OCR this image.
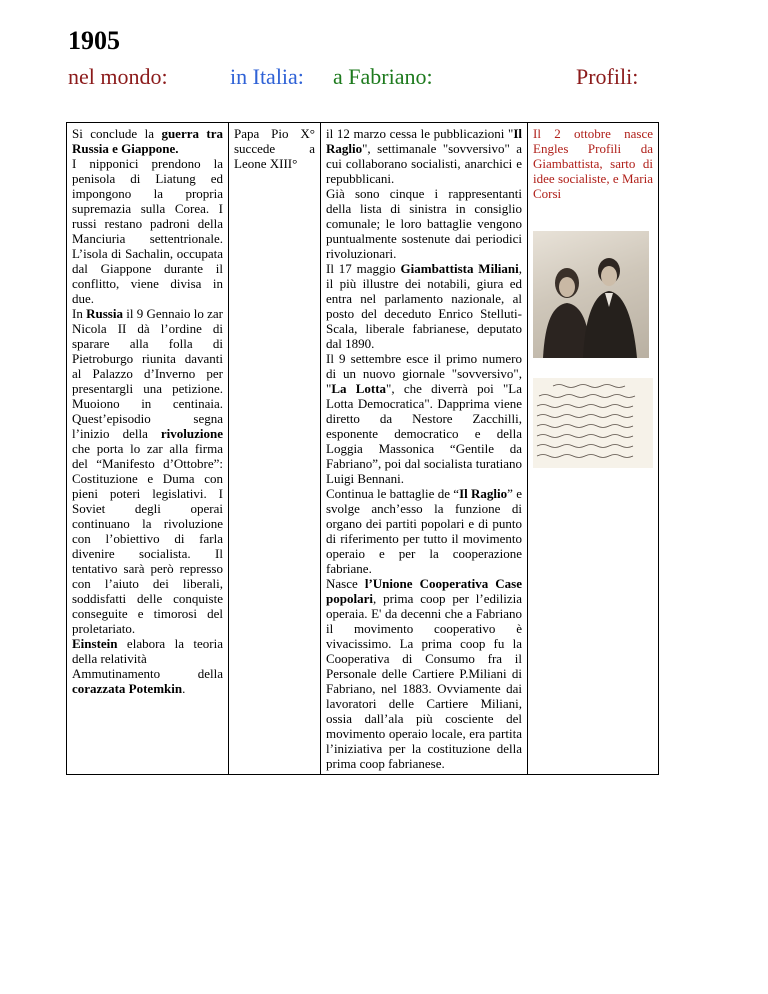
1905
nel mondo:	in Italia: a Fabriano:	Profili:
Si conclude la guerra tra Russia e Giappone.
I nipponici prendono la penisola di Liatung ed impongono la propria supremazia sulla Corea. I russi restano padroni della Manciuria settentrionale. L’isola di Sachalin, occupata dal Giappone durante il conflitto, viene divisa in due.
In Russia il 9 Gennaio lo zar Nicola II dà l’ordine di sparare alla folla di Pietroburgo riunita davanti al Palazzo d’Inverno per presentargli una petizione. Muoiono in centinaia. Quest’episodio segna l’inizio della rivoluzione che porta lo zar alla firma del “Manifesto d’Ottobre”: Costituzione e Duma con pieni poteri legislativi. I Soviet degli operai continuano la rivoluzione con l’obiettivo di farla divenire socialista. Il tentativo sarà però represso con l’aiuto dei liberali, soddisfatti delle conquiste conseguite e timorosi del proletariato.
Einstein elabora la teoria della relatività
Ammutinamento della corazzata Potemkin.	Papa Pio X° succede a Leone XIII°	il 12 marzo cessa le pubblicazioni "Il Raglio", settimanale "sovversivo" a cui collaborano socialisti, anarchici e repubblicani.
Già sono cinque i rappresentanti della lista di sinistra in consiglio comunale; le loro battaglie vengono puntualmente sostenute dai periodici rivoluzionari.
Il 17 maggio Giambattista Miliani, il più illustre dei notabili, giura ed entra nel parlamento nazionale, al posto del deceduto Enrico Stelluti-Scala, liberale fabrianese, deputato dal 1890.
Il 9 settembre esce il primo numero di un nuovo giornale "sovversivo", "La Lotta", che diverrà poi "La Lotta Democratica". Dapprima viene diretto da Nestore Zacchilli, esponente democratico e della Loggia Massonica “Gentile da Fabriano”, poi dal socialista turatiano Luigi Bennani.
Continua le battaglie de “Il Raglio” e svolge anch’esso la funzione di organo dei partiti popolari e di punto di riferimento per tutto il movimento operaio e per la cooperazione fabriane.
Nasce l’Unione Cooperativa Case popolari, prima coop per l’edilizia operaia. E' da decenni che a Fabriano il movimento cooperativo è vivacissimo. La prima coop fu la Cooperativa di Consumo fra il Personale delle Cartiere P.Miliani di Fabriano, nel 1883. Ovviamente dai lavoratori delle Cartiere Miliani, ossia dall’ala più cosciente del movimento operaio locale, era partita l’iniziativa per la costituzione della prima coop fabrianese.	Il 2 ottobre nasce Engles Profili da Giambattista, sarto di idee socialiste, e Maria Corsi
